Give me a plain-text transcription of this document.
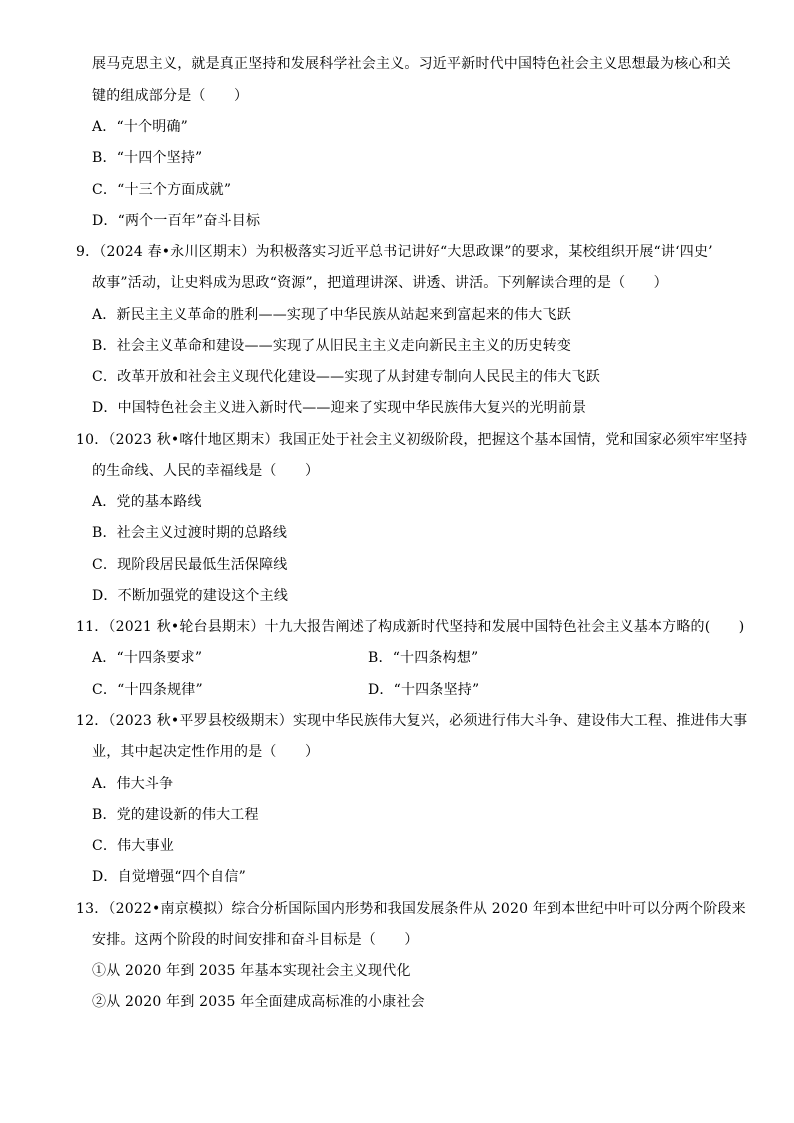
展马克思主义，就是真正坚持和发展科学社会主义。习近平新时代中国特色社会主义思想最为核心和关
键的组成部分是（　　）
A．“十个明确”
B．“十四个坚持”
C．“十三个方面成就”
D．“两个一百年”奋斗目标
9．（2024 春•永川区期末）为积极落实习近平总书记讲好“大思政课”的要求，某校组织开展“讲‘四史’
故事”活动，让史料成为思政“资源”，把道理讲深、讲透、讲活。下列解读合理的是（　　）
A．新民主主义革命的胜利——实现了中华民族从站起来到富起来的伟大飞跃
B．社会主义革命和建设——实现了从旧民主主义走向新民主主义的历史转变
C．改革开放和社会主义现代化建设——实现了从封建专制向人民民主的伟大飞跃
D．中国特色社会主义进入新时代——迎来了实现中华民族伟大复兴的光明前景
10．（2023 秋•喀什地区期末）我国正处于社会主义初级阶段，把握这个基本国情，党和国家必须牢牢坚持
的生命线、人民的幸福线是（　　）
A．党的基本路线
B．社会主义过渡时期的总路线
C．现阶段居民最低生活保障线
D．不断加强党的建设这个主线
11．（2021 秋•轮台县期末）十九大报告阐述了构成新时代坚持和发展中国特色社会主义基本方略的(　　)
A．“十四条要求”	B．“十四条构想”
C．“十四条规律”	D．“十四条坚持”
12．（2023 秋•平罗县校级期末）实现中华民族伟大复兴，必须进行伟大斗争、建设伟大工程、推进伟大事
业，其中起决定性作用的是（　　）
A．伟大斗争
B．党的建设新的伟大工程
C．伟大事业
D．自觉增强“四个自信”
13．（2022•南京模拟）综合分析国际国内形势和我国发展条件从 2020 年到本世纪中叶可以分两个阶段来
安排。这两个阶段的时间安排和奋斗目标是（　　）
①从 2020 年到 2035 年基本实现社会主义现代化
②从 2020 年到 2035 年全面建成高标准的小康社会
